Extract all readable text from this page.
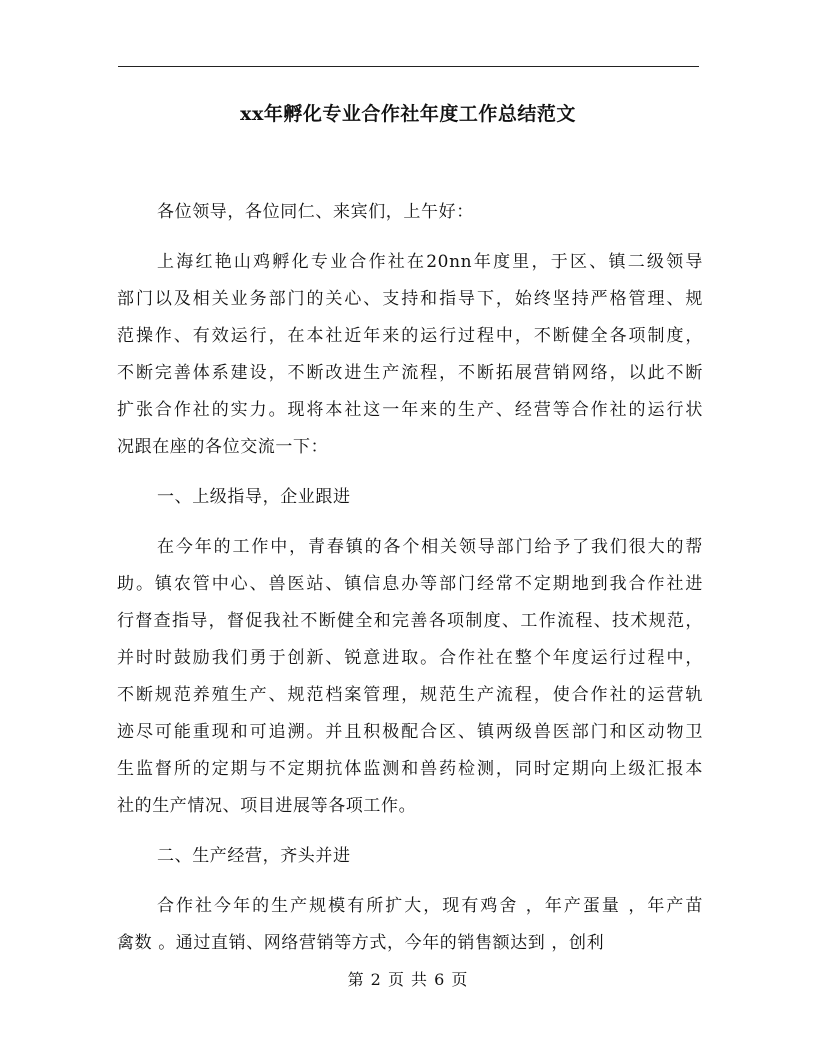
xx年孵化专业合作社年度工作总结范文
各位领导，各位同仁、来宾们，上午好：
上海红艳山鸡孵化专业合作社在20nn年度里，于区、镇二级领导
部门以及相关业务部门的关心、支持和指导下，始终坚持严格管理、规
范操作、有效运行，在本社近年来的运行过程中，不断健全各项制度，
不断完善体系建设，不断改进生产流程，不断拓展营销网络，以此不断
扩张合作社的实力。现将本社这一年来的生产、经营等合作社的运行状
况跟在座的各位交流一下：
一、上级指导，企业跟进
在今年的工作中，青春镇的各个相关领导部门给予了我们很大的帮
助。镇农管中心、兽医站、镇信息办等部门经常不定期地到我合作社进
行督查指导，督促我社不断健全和完善各项制度、工作流程、技术规范，
并时时鼓励我们勇于创新、锐意进取。合作社在整个年度运行过程中，
不断规范养殖生产、规范档案管理，规范生产流程，使合作社的运营轨
迹尽可能重现和可追溯。并且积极配合区、镇两级兽医部门和区动物卫
生监督所的定期与不定期抗体监测和兽药检测，同时定期向上级汇报本
社的生产情况、项目进展等各项工作。
二、生产经营，齐头并进
合作社今年的生产规模有所扩大，现有鸡舍 ，年产蛋量 ，年产苗
禽数 。通过直销、网络营销等方式，今年的销售额达到 ，创利
第 2 页 共 6 页
